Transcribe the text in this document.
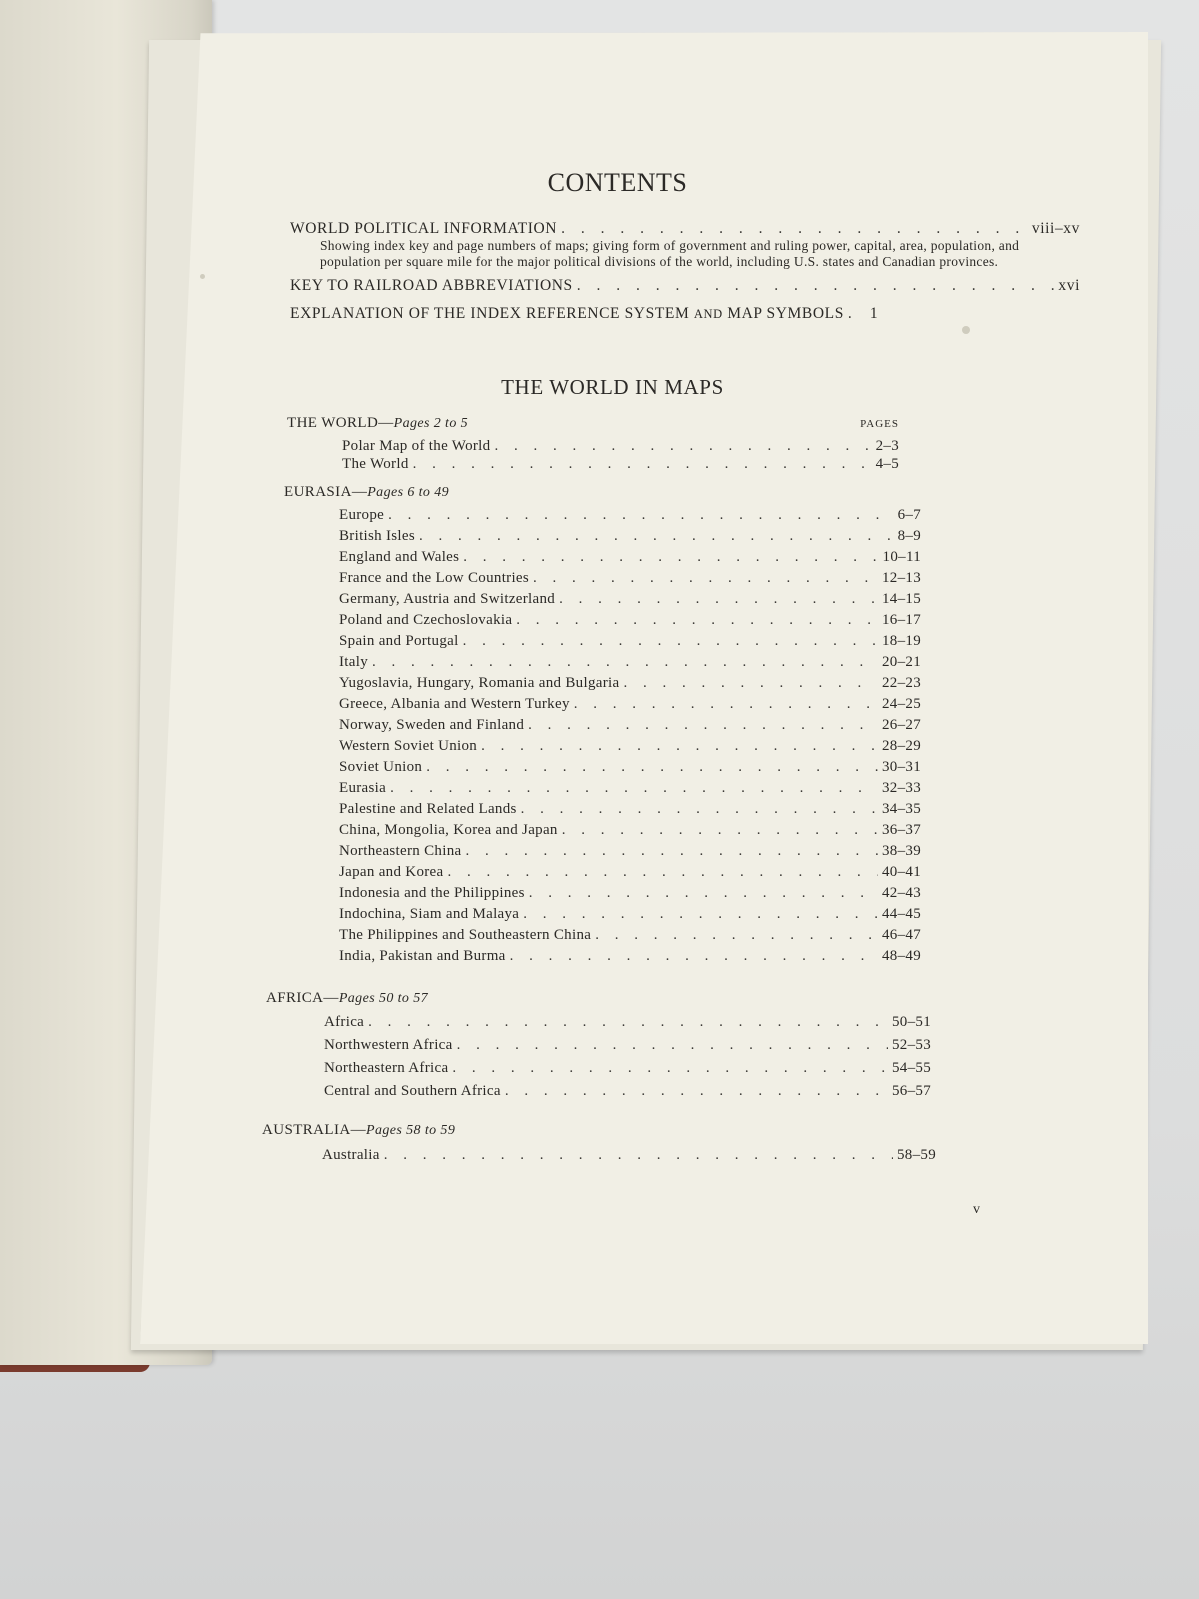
CONTENTS
WORLD POLITICAL INFORMATION . . .	viii–xv
Showing index key and page numbers of maps; giving form of government and ruling power, capital, area, population, and population per square mile for the major political divisions of the world, including U.S. states and Canadian provinces.
KEY TO RAILROAD ABBREVIATIONS . . .	xvi
EXPLANATION OF THE INDEX REFERENCE SYSTEM AND MAP SYMBOLS . . . 1
THE WORLD IN MAPS
THE WORLD—Pages 2 to 5	PAGES
Polar Map of the World . . .	2–3
The World . . .	4–5
EURASIA—Pages 6 to 49
Europe . . .	6–7
British Isles . . .	8–9
England and Wales . . .	10–11
France and the Low Countries . . .	12–13
Germany, Austria and Switzerland . . .	14–15
Poland and Czechoslovakia . . .	16–17
Spain and Portugal . . .	18–19
Italy . . .	20–21
Yugoslavia, Hungary, Romania and Bulgaria . . .	22–23
Greece, Albania and Western Turkey . . .	24–25
Norway, Sweden and Finland . . .	26–27
Western Soviet Union . . .	28–29
Soviet Union . . .	30–31
Eurasia . . .	32–33
Palestine and Related Lands . . .	34–35
China, Mongolia, Korea and Japan . . .	36–37
Northeastern China . . .	38–39
Japan and Korea . . .	40–41
Indonesia and the Philippines . . .	42–43
Indochina, Siam and Malaya . . .	44–45
The Philippines and Southeastern China . . .	46–47
India, Pakistan and Burma . . .	48–49
AFRICA—Pages 50 to 57
Africa . . .	50–51
Northwestern Africa . . .	52–53
Northeastern Africa . . .	54–55
Central and Southern Africa . . .	56–57
AUSTRALIA—Pages 58 to 59
Australia . . .	58–59
v
